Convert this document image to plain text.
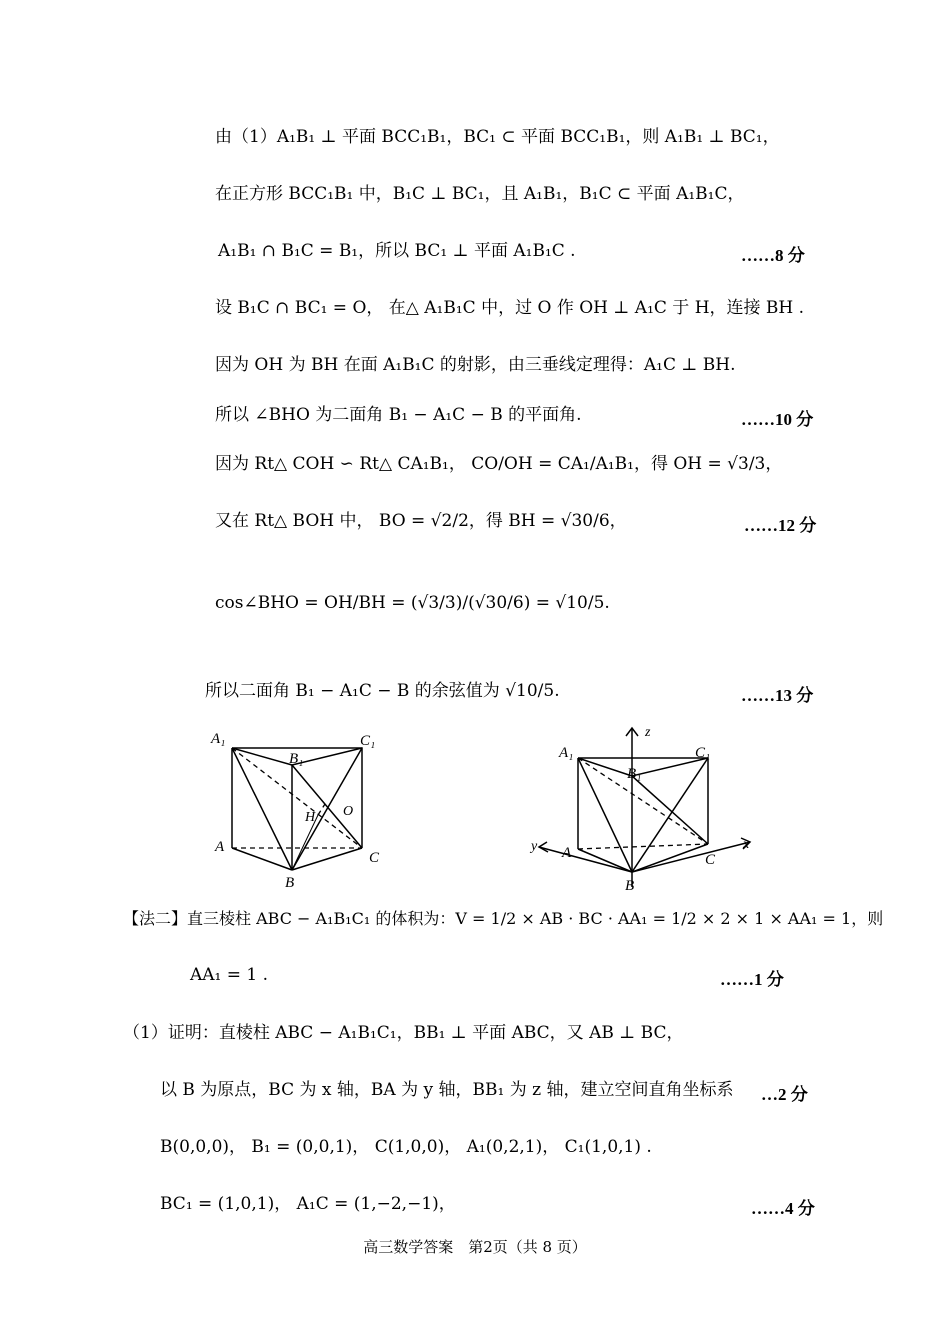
由（1）A₁B₁ ⊥ 平面 BCC₁B₁，BC₁ ⊂ 平面 BCC₁B₁，则 A₁B₁ ⊥ BC₁，
在正方形 BCC₁B₁ 中，B₁C ⊥ BC₁，且 A₁B₁，B₁C ⊂ 平面 A₁B₁C，
A₁B₁ ∩ B₁C = B₁，所以 BC₁ ⊥ 平面 A₁B₁C .	……8 分
设 B₁C ∩ BC₁ = O， 在△ A₁B₁C 中，过 O 作 OH ⊥ A₁C 于 H，连接 BH .
因为 OH 为 BH 在面 A₁B₁C 的射影，由三垂线定理得：A₁C ⊥ BH.
所以 ∠BHO 为二面角 B₁ − A₁C − B 的平面角.	……10 分
因为 Rt△ COH ∽ Rt△ CA₁B₁， CO/OH = CA₁/A₁B₁，得 OH = √3/3，
又在 Rt△ BOH 中， BO = √2/2，得 BH = √30/6，	……12 分
cos∠BHO = OH/BH = (√3/3)/(√30/6) = √10/5.
所以二面角 B₁ − A₁C − B 的余弦值为 √10/5.	……13 分
A₁
B₁
C₁
H O
A
B
C
z
A₁
B₁
C₁
y A
x
C
B
【法二】直三棱柱 ABC − A₁B₁C₁ 的体积为：V = 1/2 × AB · BC · AA₁ = 1/2 × 2 × 1 × AA₁ = 1，则
AA₁ = 1 .	……1 分
（1）证明：直棱柱 ABC − A₁B₁C₁，BB₁ ⊥ 平面 ABC，又 AB ⊥ BC，
以 B 为原点，BC 为 x 轴，BA 为 y 轴，BB₁ 为 z 轴，建立空间直角坐标系 …2 分
B(0,0,0)， B₁ = (0,0,1)， C(1,0,0)， A₁(0,2,1)， C₁(1,0,1) .
BC₁ = (1,0,1)， A₁C = (1,−2,−1)，	……4 分
高三数学答案　第2页（共 8 页）
